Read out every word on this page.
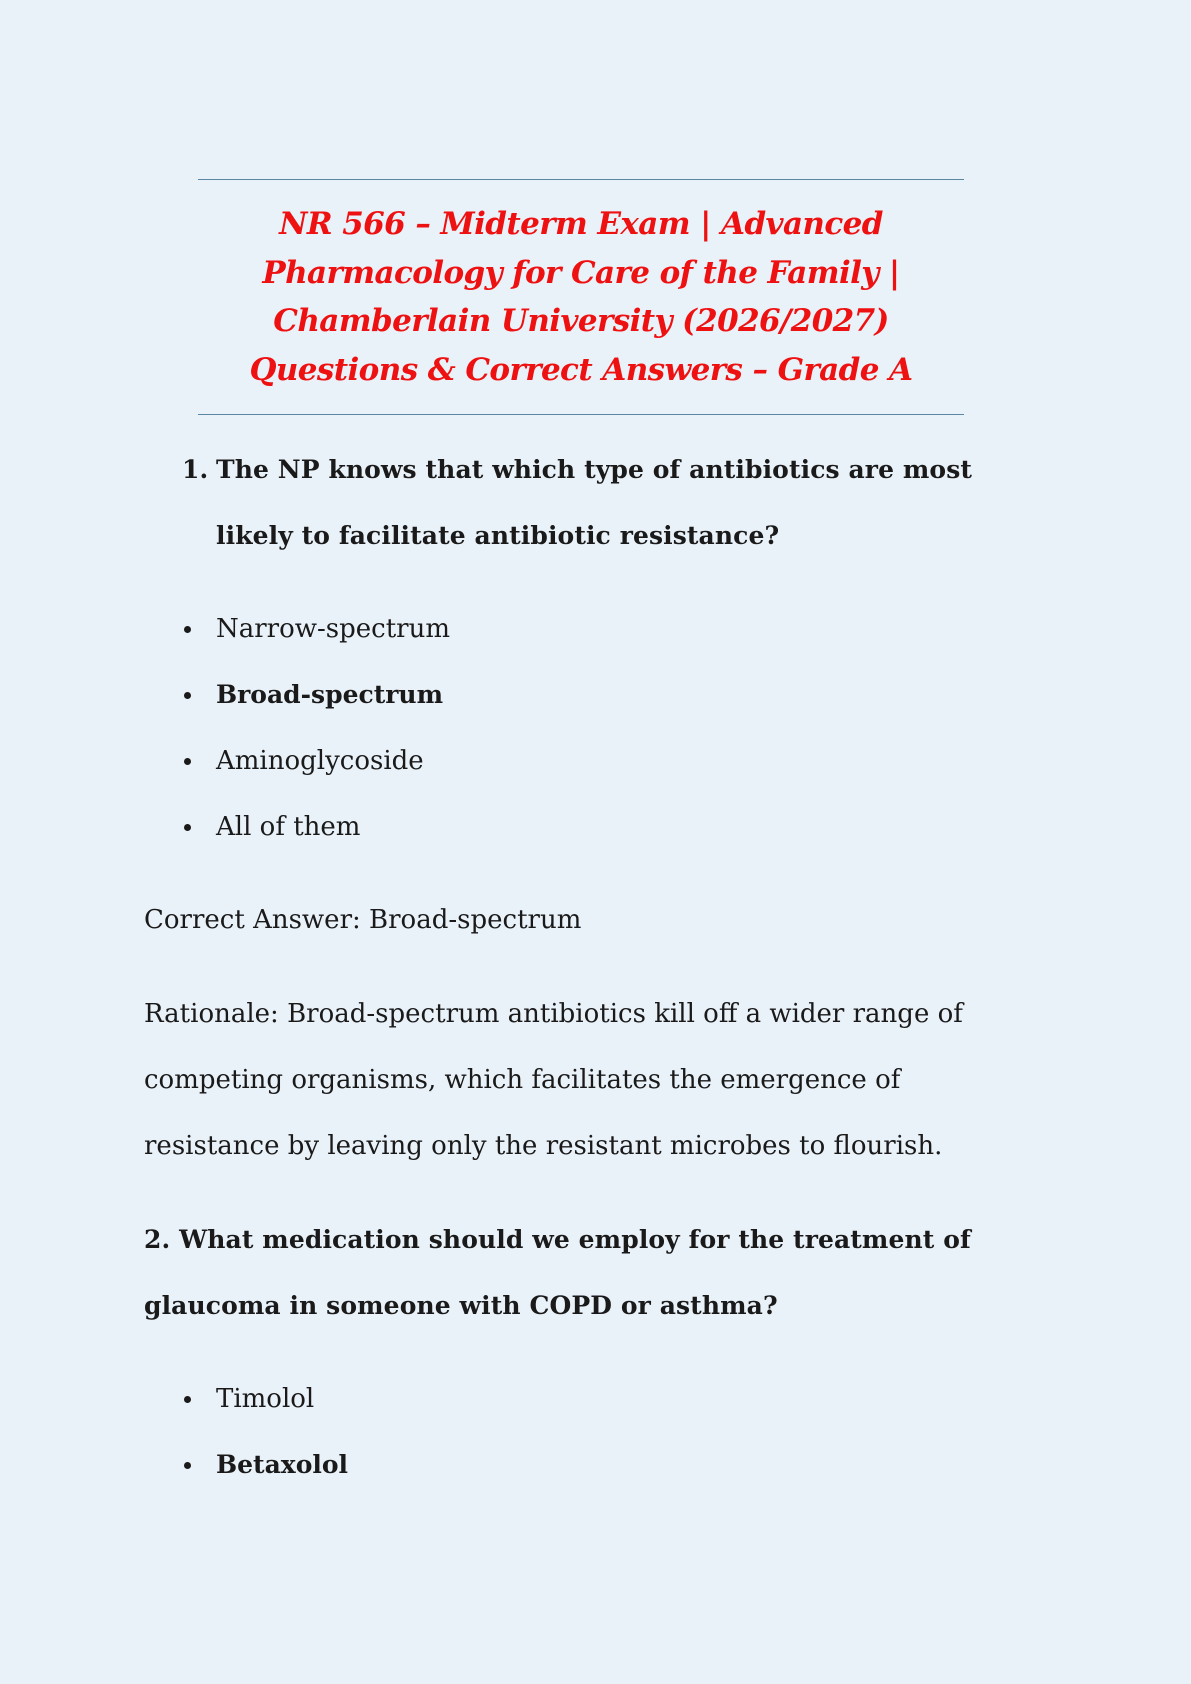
NR 566 – Midterm Exam | Advanced
Pharmacology for Care of the Family |
Chamberlain University (2026/2027)
Questions & Correct Answers – Grade A
1. The NP knows that which type of antibiotics are most
likely to facilitate antibiotic resistance?
Narrow-spectrum
Broad-spectrum
Aminoglycoside
All of them
Correct Answer: Broad-spectrum
Rationale: Broad-spectrum antibiotics kill off a wider range of
competing organisms, which facilitates the emergence of
resistance by leaving only the resistant microbes to flourish.
2. What medication should we employ for the treatment of
glaucoma in someone with COPD or asthma?
Timolol
Betaxolol
